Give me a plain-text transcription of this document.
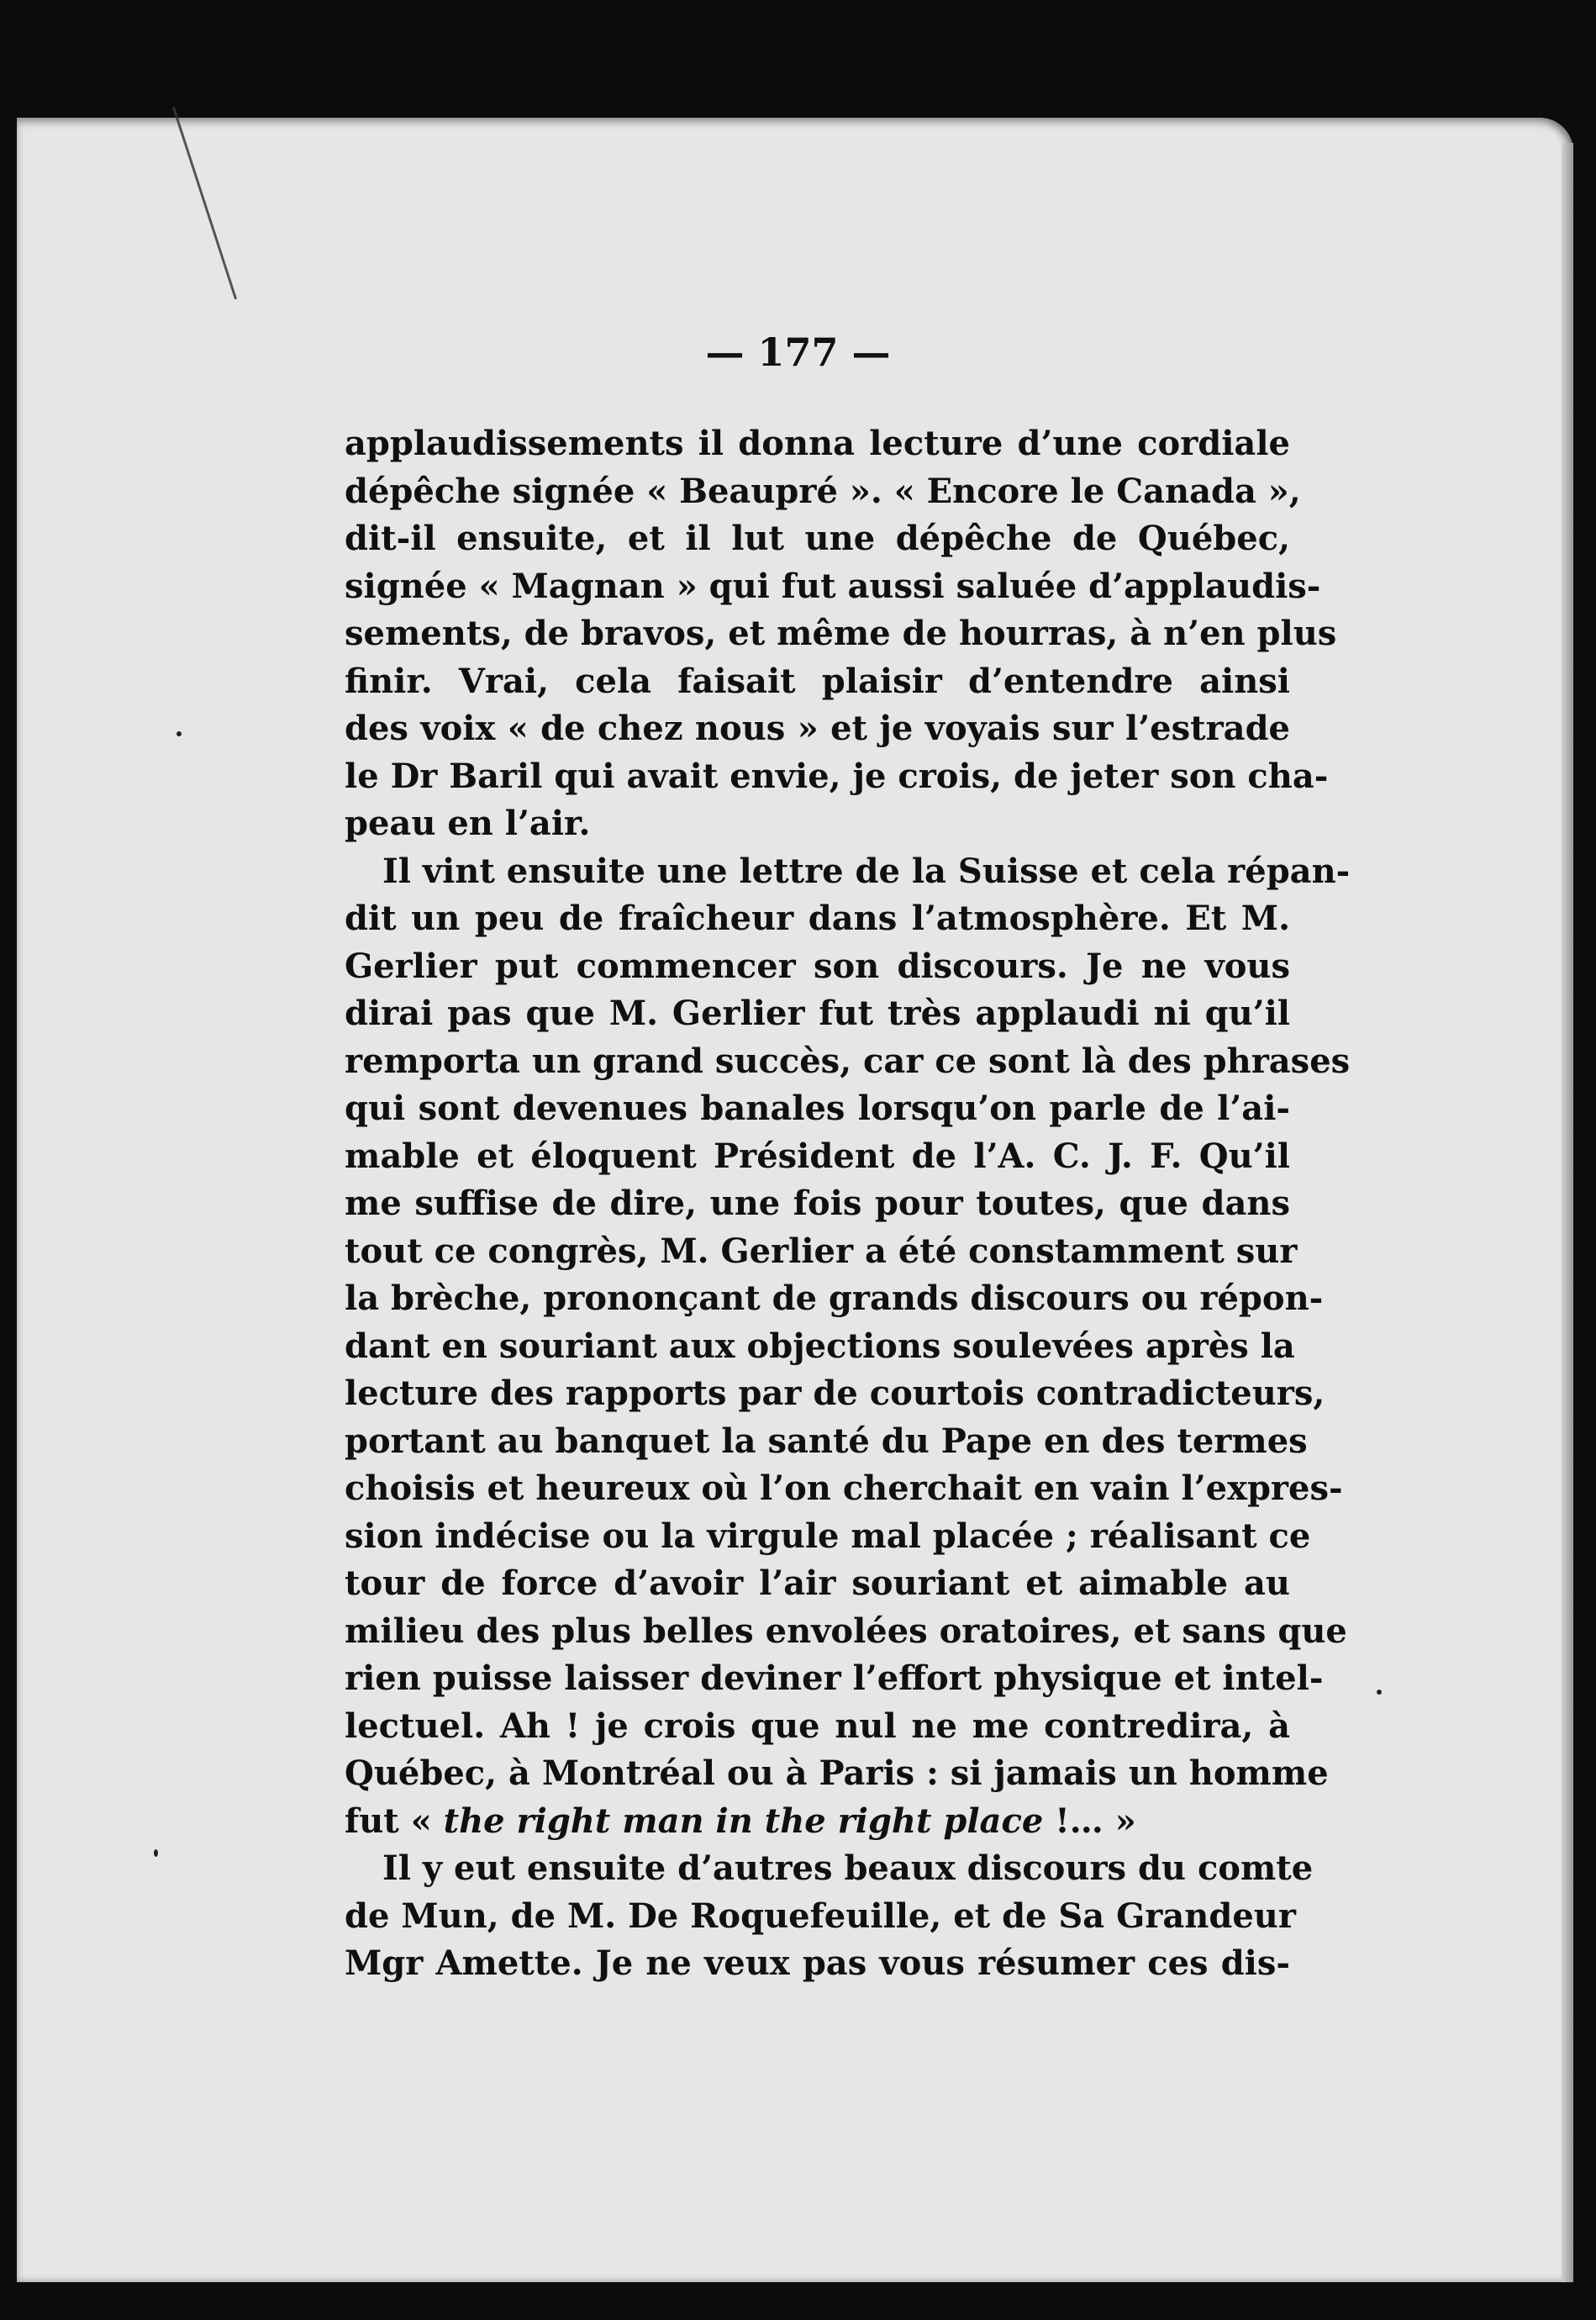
— 177 —
applaudissements il donna lecture d’une cordiale
dépêche signée « Beaupré ». « Encore le Canada »,
dit-il ensuite, et il lut une dépêche de Québec,
signée « Magnan » qui fut aussi saluée d’applaudis-
sements, de bravos, et même de hourras, à n’en plus
finir. Vrai, cela faisait plaisir d’entendre ainsi
des voix « de chez nous » et je voyais sur l’estrade
le Dr Baril qui avait envie, je crois, de jeter son cha-
peau en l’air.
Il vint ensuite une lettre de la Suisse et cela répan-
dit un peu de fraîcheur dans l’atmosphère. Et M.
Gerlier put commencer son discours. Je ne vous
dirai pas que M. Gerlier fut très applaudi ni qu’il
remporta un grand succès, car ce sont là des phrases
qui sont devenues banales lorsqu’on parle de l’ai-
mable et éloquent Président de l’A. C. J. F. Qu’il
me suffise de dire, une fois pour toutes, que dans
tout ce congrès, M. Gerlier a été constamment sur
la brèche, prononçant de grands discours ou répon-
dant en souriant aux objections soulevées après la
lecture des rapports par de courtois contradicteurs,
portant au banquet la santé du Pape en des termes
choisis et heureux où l’on cherchait en vain l’expres-
sion indécise ou la virgule mal placée ; réalisant ce
tour de force d’avoir l’air souriant et aimable au
milieu des plus belles envolées oratoires, et sans que
rien puisse laisser deviner l’effort physique et intel-
lectuel. Ah ! je crois que nul ne me contredira, à
Québec, à Montréal ou à Paris : si jamais un homme
fut « the right man in the right place !… »
Il y eut ensuite d’autres beaux discours du comte
de Mun, de M. De Roquefeuille, et de Sa Grandeur
Mgr Amette. Je ne veux pas vous résumer ces dis-
